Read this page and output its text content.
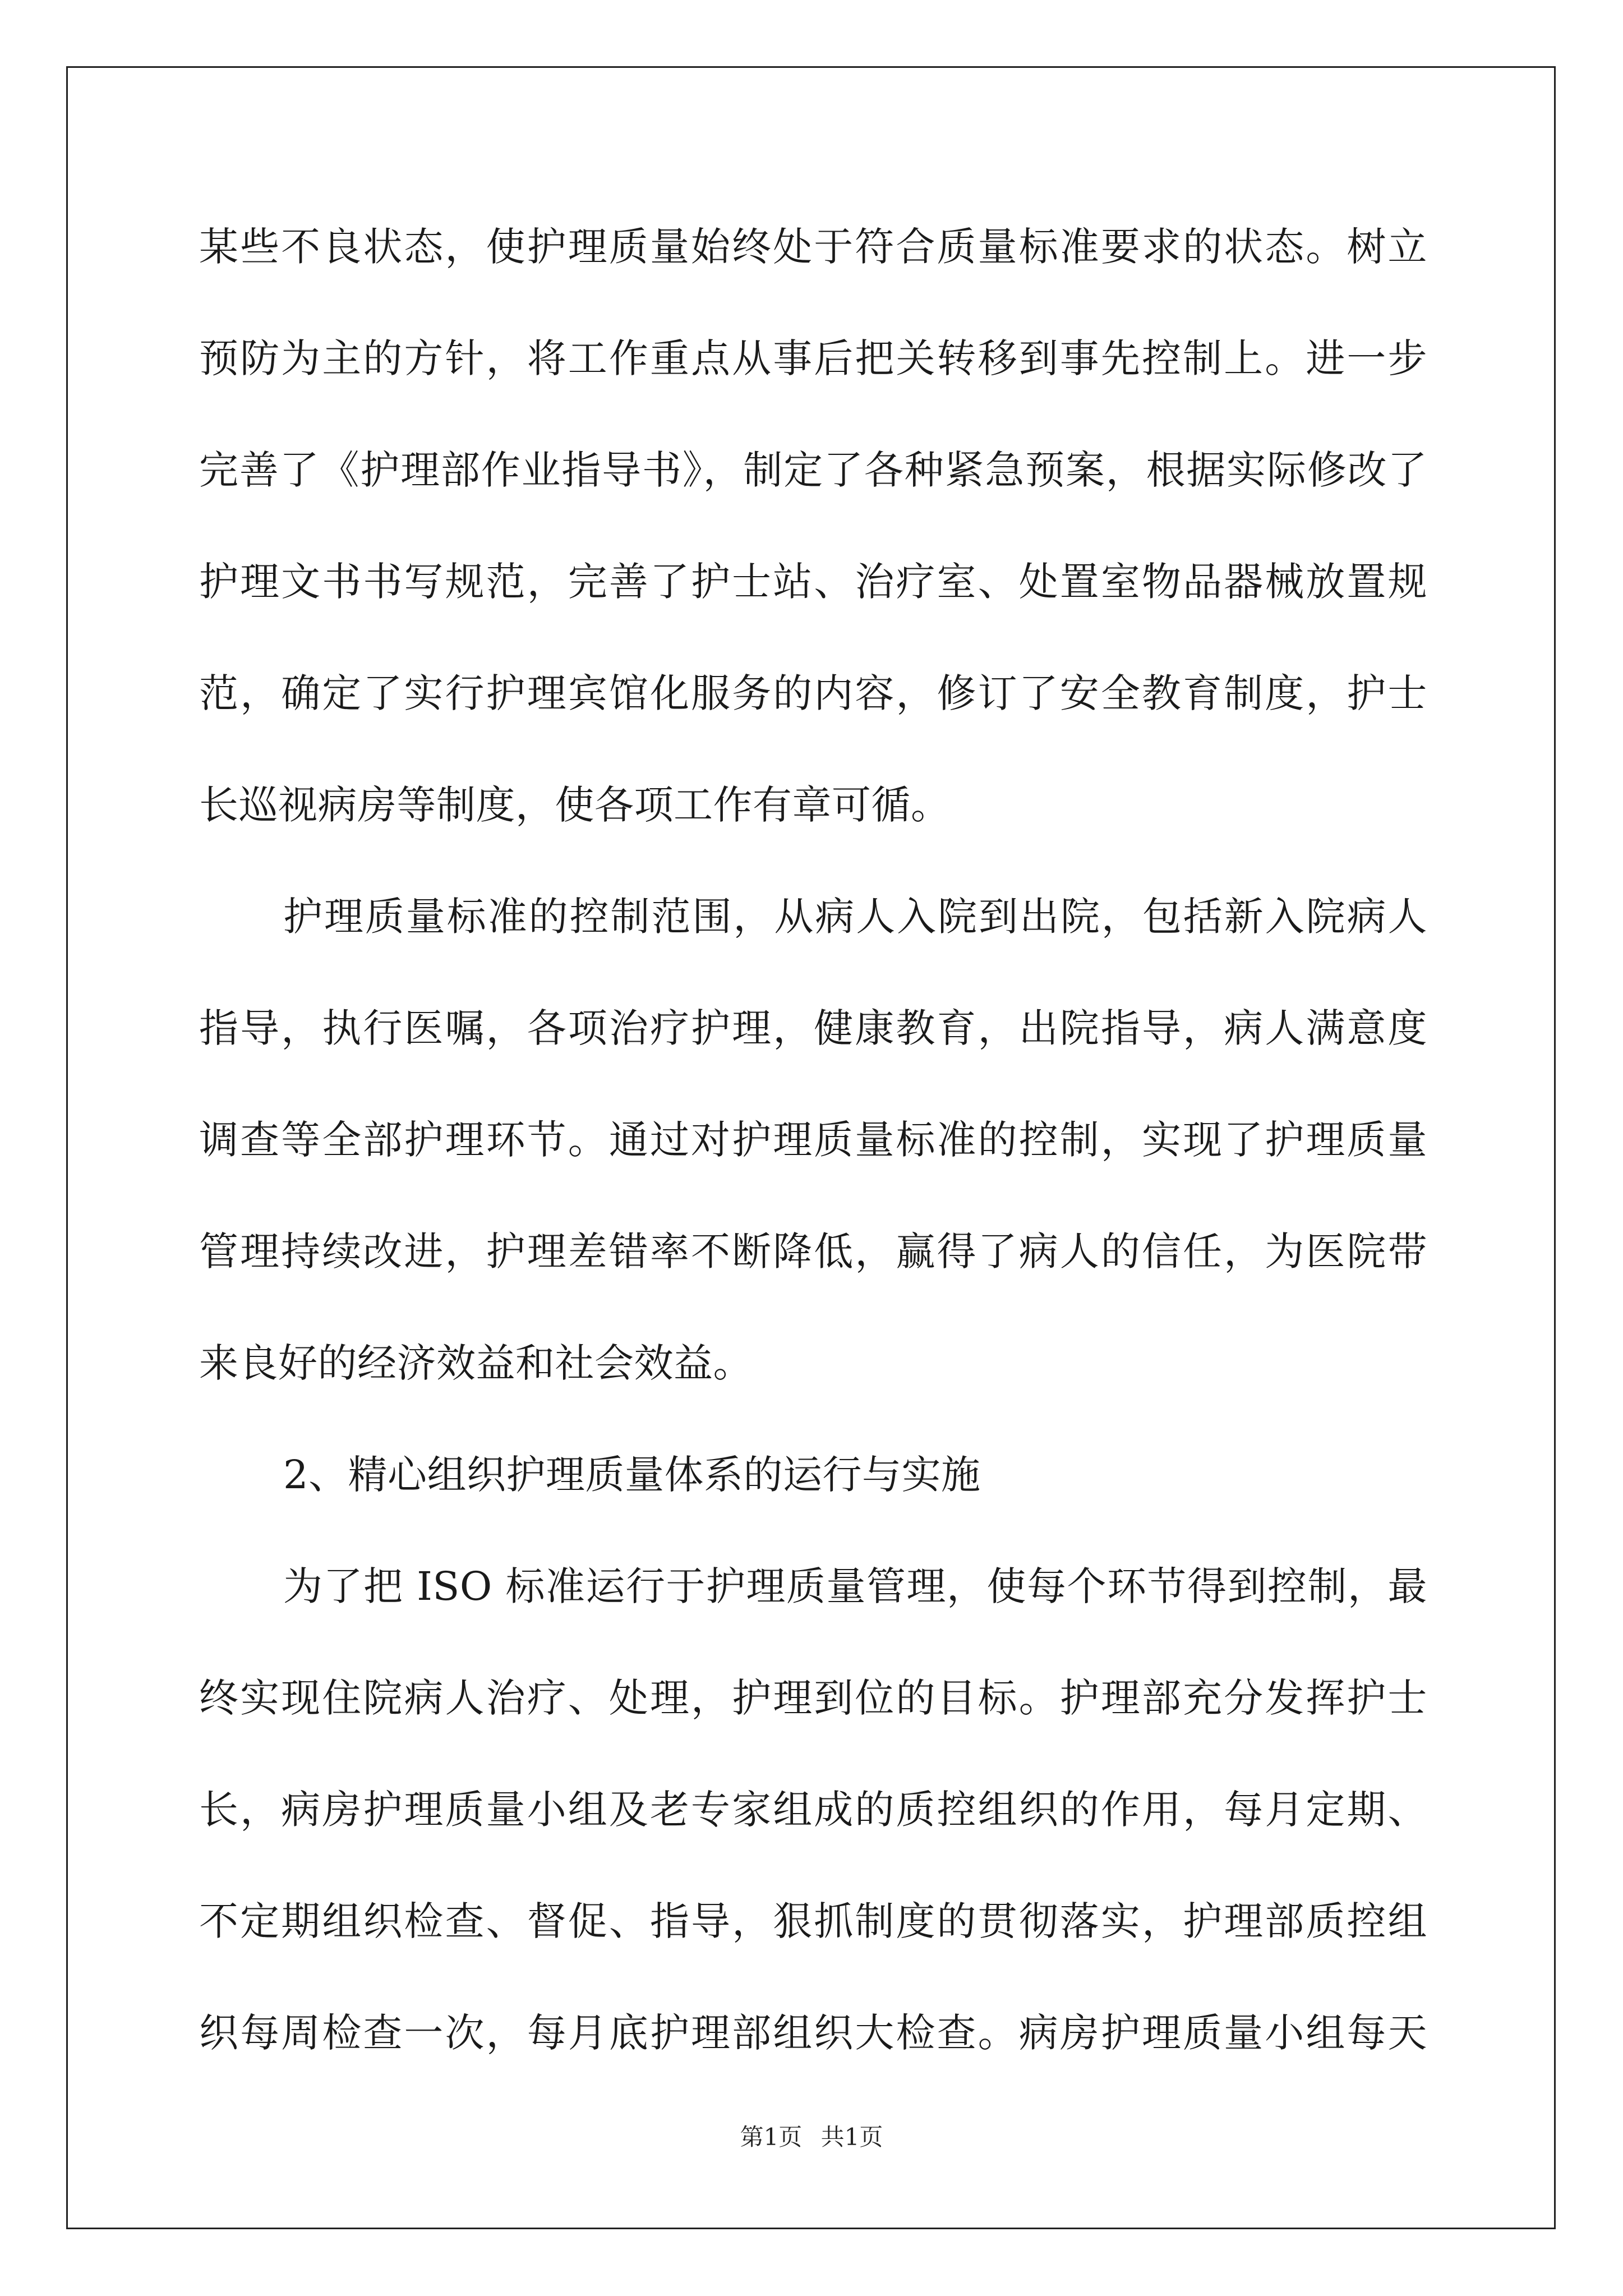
某些不良状态，使护理质量始终处于符合质量标准要求的状态。树立
预防为主的方针，将工作重点从事后把关转移到事先控制上。进一步
完善了《护理部作业指导书》，制定了各种紧急预案，根据实际修改了
护理文书书写规范，完善了护士站、治疗室、处置室物品器械放置规
范，确定了实行护理宾馆化服务的内容，修订了安全教育制度，护士
长巡视病房等制度，使各项工作有章可循。
护理质量标准的控制范围，从病人入院到出院，包括新入院病人
指导，执行医嘱，各项治疗护理，健康教育，出院指导，病人满意度
调查等全部护理环节。通过对护理质量标准的控制，实现了护理质量
管理持续改进，护理差错率不断降低，赢得了病人的信任，为医院带
来良好的经济效益和社会效益。
2、精心组织护理质量体系的运行与实施
为了把 ISO 标准运行于护理质量管理，使每个环节得到控制，最
终实现住院病人治疗、处理，护理到位的目标。护理部充分发挥护士
长，病房护理质量小组及老专家组成的质控组织的作用，每月定期、
不定期组织检查、督促、指导，狠抓制度的贯彻落实，护理部质控组
织每周检查一次，每月底护理部组织大检查。病房护理质量小组每天
第1页 共1页
